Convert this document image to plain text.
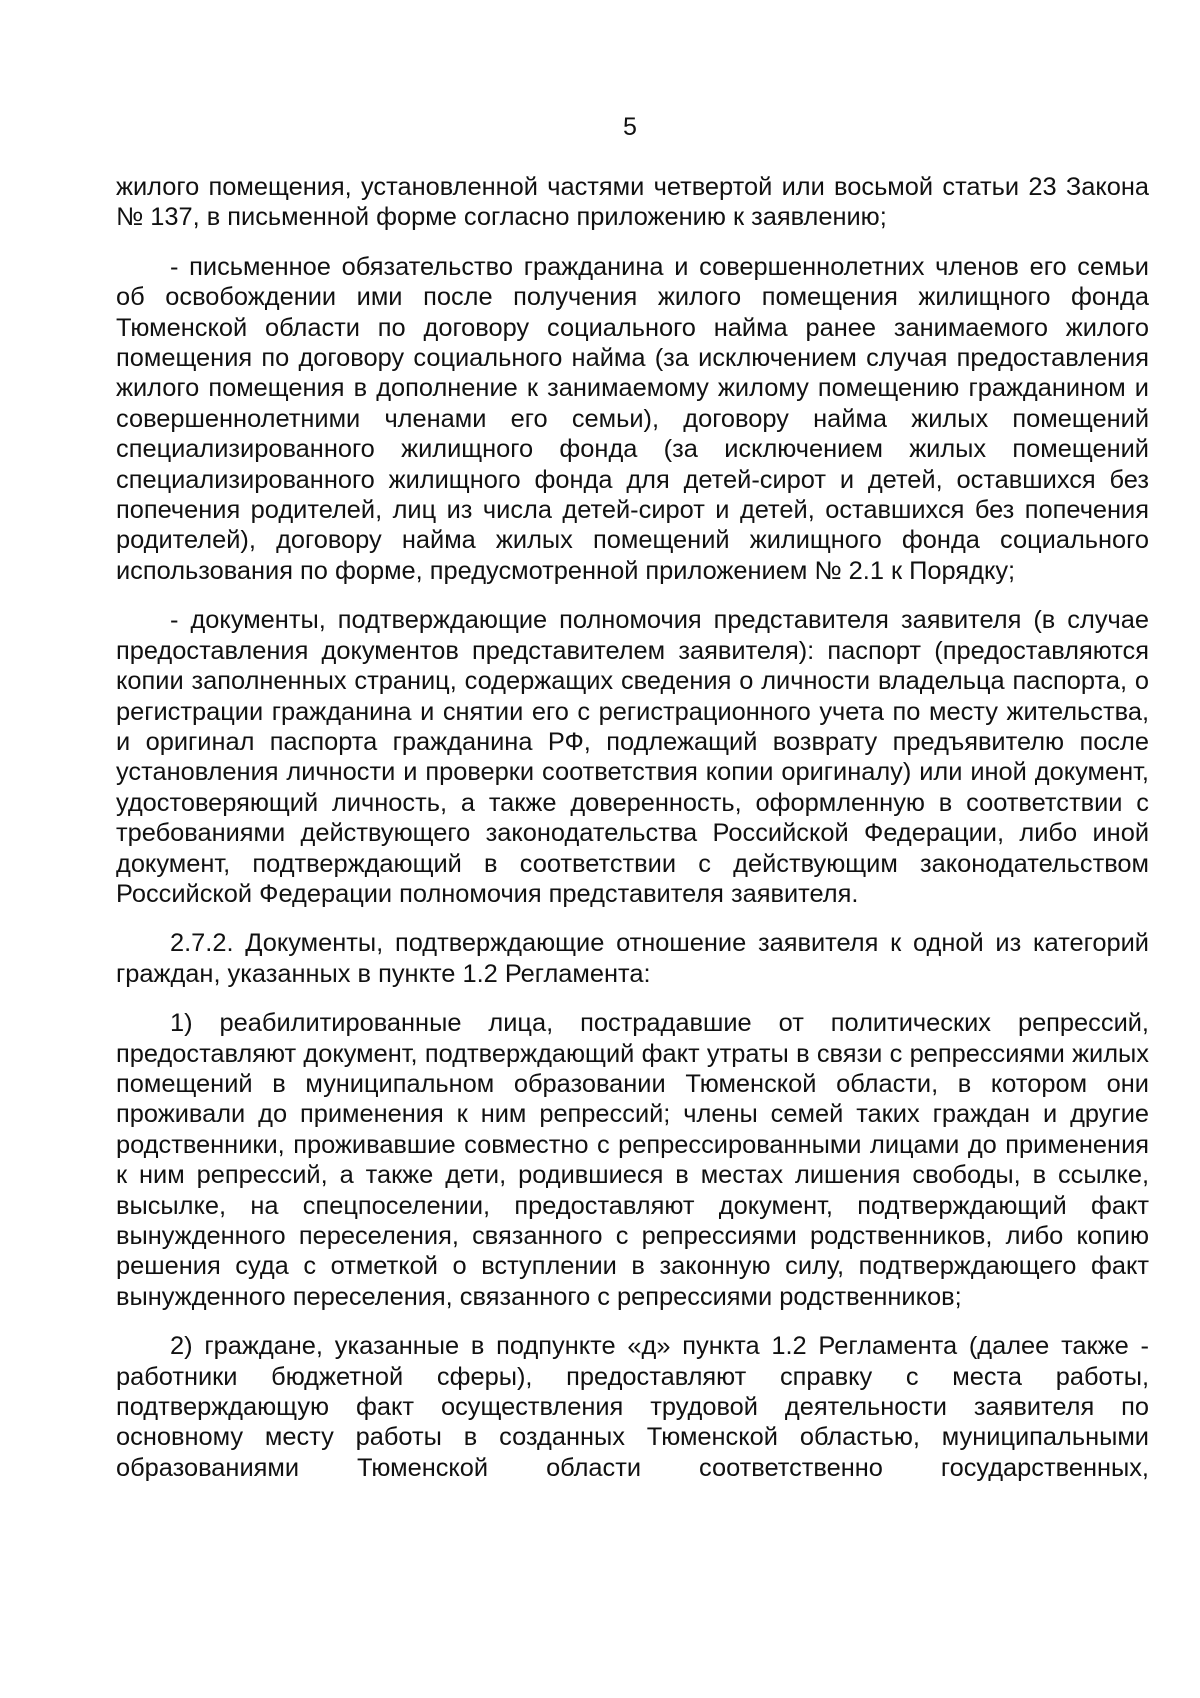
5

жилого помещения, установленной частями четвертой или восьмой статьи 23 Закона № 137, в письменной форме согласно приложению к заявлению;

- письменное обязательство гражданина и совершеннолетних членов его семьи об освобождении ими после получения жилого помещения жилищного фонда Тюменской области по договору социального найма ранее занимаемого жилого помещения по договору социального найма (за исключением случая предоставления жилого помещения в дополнение к занимаемому жилому помещению гражданином и совершеннолетними членами его семьи), договору найма жилых помещений специализированного жилищного фонда (за исключением жилых помещений специализированного жилищного фонда для детей-сирот и детей, оставшихся без попечения родителей, лиц из числа детей-сирот и детей, оставшихся без попечения родителей), договору найма жилых помещений жилищного фонда социального использования по форме, предусмотренной приложением № 2.1 к Порядку;

- документы, подтверждающие полномочия представителя заявителя (в случае предоставления документов представителем заявителя): паспорт (предоставляются копии заполненных страниц, содержащих сведения о личности владельца паспорта, о регистрации гражданина и снятии его с регистрационного учета по месту жительства, и оригинал паспорта гражданина РФ, подлежащий возврату предъявителю после установления личности и проверки соответствия копии оригиналу) или иной документ, удостоверяющий личность, а также доверенность, оформленную в соответствии с требованиями действующего законодательства Российской Федерации, либо иной документ, подтверждающий в соответствии с действующим законодательством Российской Федерации полномочия представителя заявителя.

2.7.2. Документы, подтверждающие отношение заявителя к одной из категорий граждан, указанных в пункте 1.2 Регламента:

1) реабилитированные лица, пострадавшие от политических репрессий, предоставляют документ, подтверждающий факт утраты в связи с репрессиями жилых помещений в муниципальном образовании Тюменской области, в котором они проживали до применения к ним репрессий; члены семей таких граждан и другие родственники, проживавшие совместно с репрессированными лицами до применения к ним репрессий, а также дети, родившиеся в местах лишения свободы, в ссылке, высылке, на спецпоселении, предоставляют документ, подтверждающий факт вынужденного переселения, связанного с репрессиями родственников, либо копию решения суда с отметкой о вступлении в законную силу, подтверждающего факт вынужденного переселения, связанного с репрессиями родственников;

2) граждане, указанные в подпункте «д» пункта 1.2 Регламента (далее также - работники бюджетной сферы), предоставляют справку с места работы, подтверждающую факт осуществления трудовой деятельности заявителя по основному месту работы в созданных Тюменской областью, муниципальными образованиями Тюменской области соответственно государственных,
